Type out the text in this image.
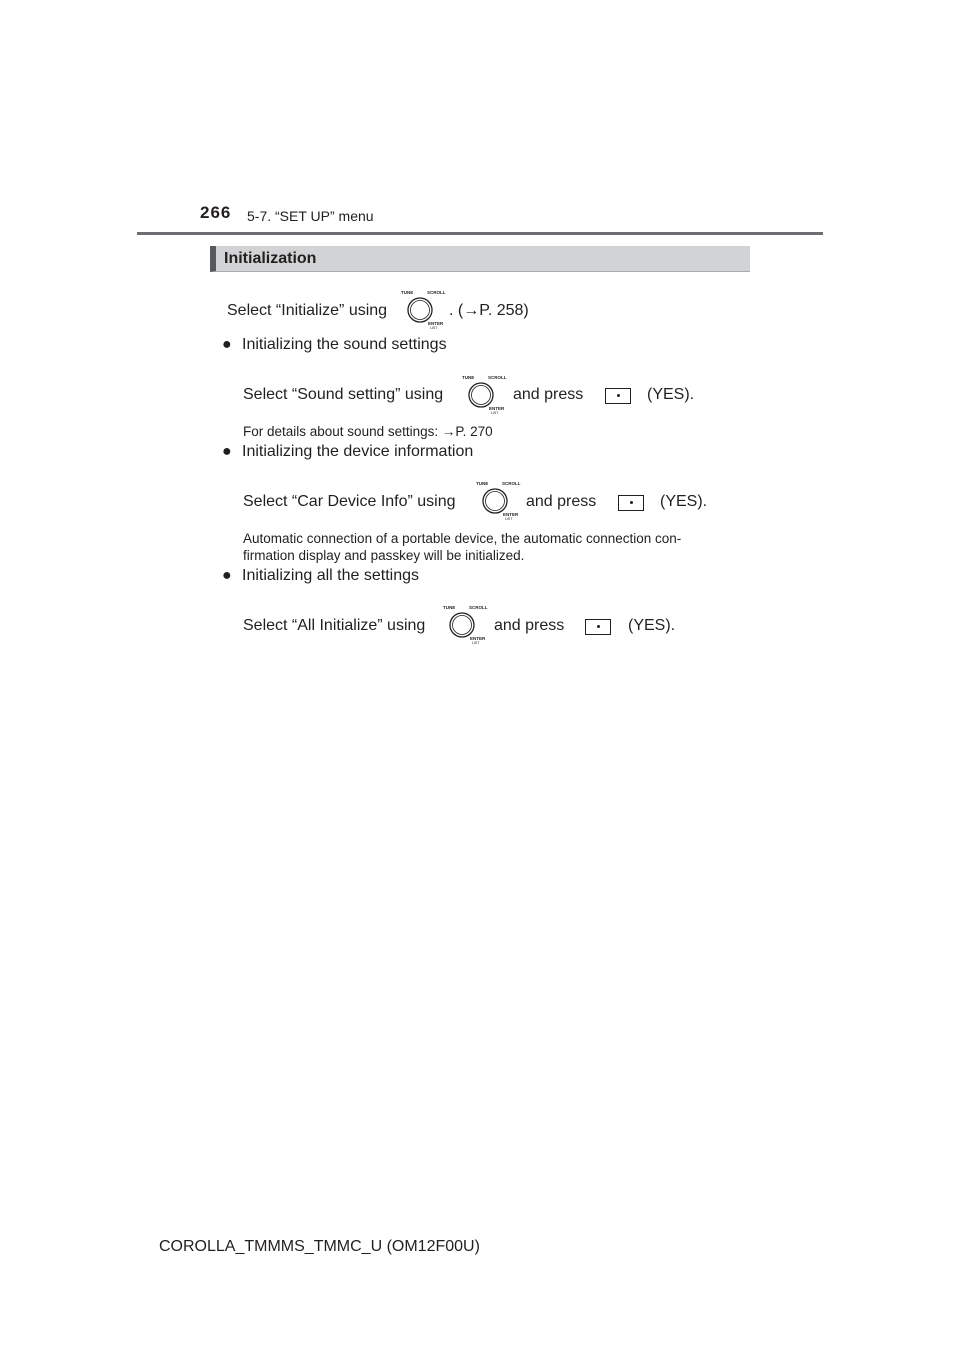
266 5-7. “SET UP” menu
Initialization
Select “Initialize” using
TUNE	SCROLL
ENTER
LIST
. (→P. 258)
● Initializing the sound settings
Select “Sound setting” using
TUNE	SCROLL
ENTER
LIST
and press	(YES).
For details about sound settings: →P. 270
● Initializing the device information
Select “Car Device Info” using
TUNE	SCROLL
ENTER
LIST
and press	(YES).
Automatic connection of a portable device, the automatic connection con-
firmation display and passkey will be initialized.
● Initializing all the settings
Select “All Initialize” using
TUNE	SCROLL
ENTER
LIST
and press	(YES).
COROLLA_TMMMS_TMMC_U (OM12F00U)
